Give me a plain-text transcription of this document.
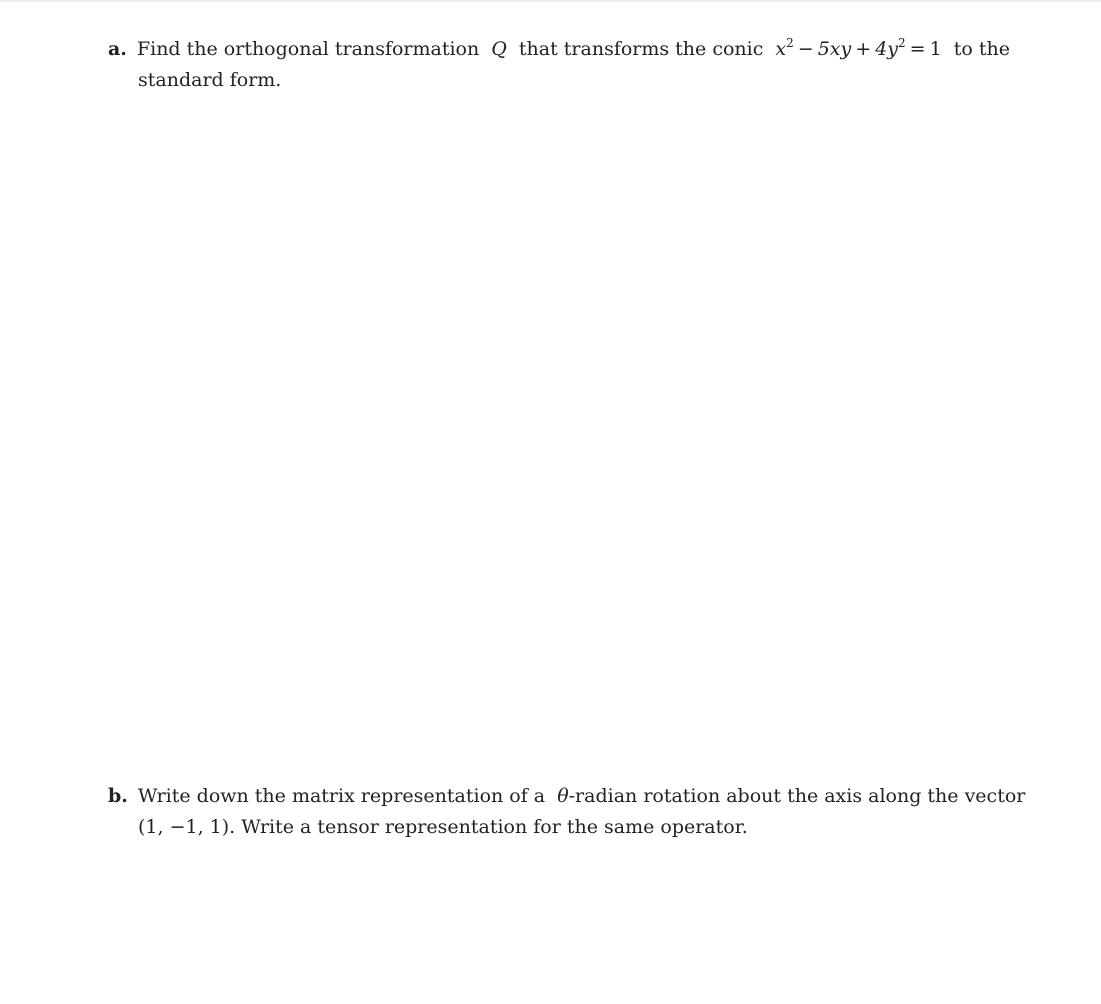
a. Find the orthogonal transformation Q that transforms the conic $x^2 - 5xy + 4y^2 = 1$ to the
standard form.
b. Write down the matrix representation of a θ-radian rotation about the axis along the vector
(1, −1, 1). Write a tensor representation for the same operator.
